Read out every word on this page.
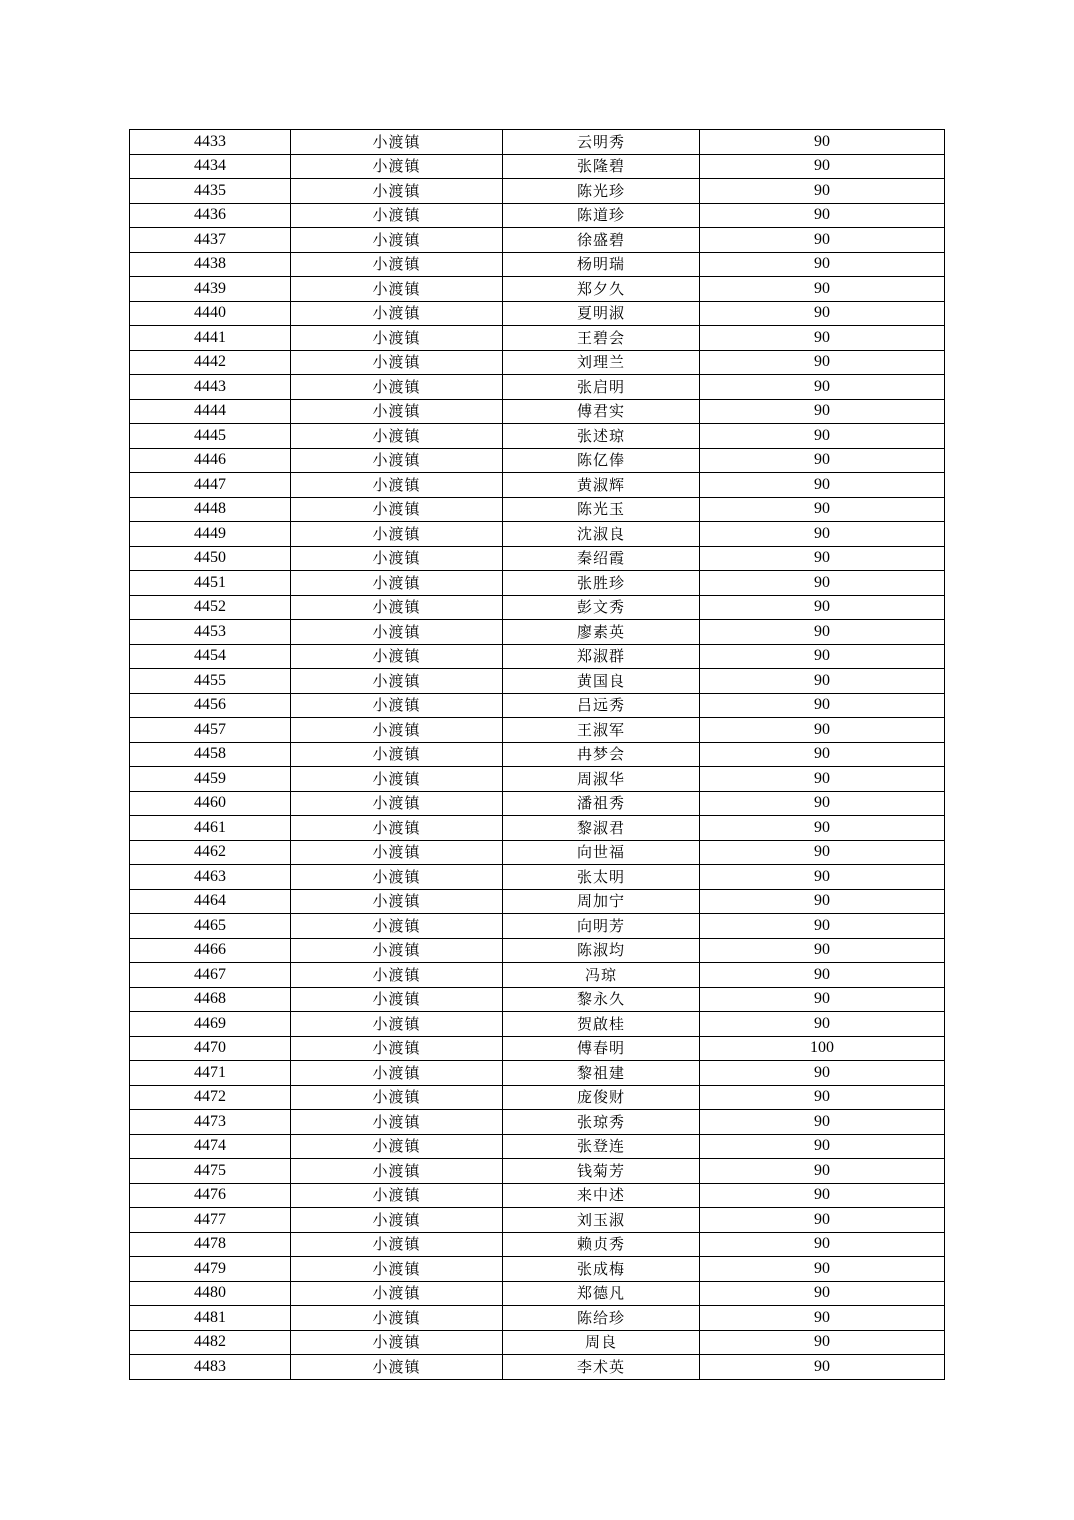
4433	小渡镇	云明秀	90
4434	小渡镇	张隆碧	90
4435	小渡镇	陈光珍	90
4436	小渡镇	陈道珍	90
4437	小渡镇	徐盛碧	90
4438	小渡镇	杨明瑞	90
4439	小渡镇	郑夕久	90
4440	小渡镇	夏明淑	90
4441	小渡镇	王碧会	90
4442	小渡镇	刘理兰	90
4443	小渡镇	张启明	90
4444	小渡镇	傅君实	90
4445	小渡镇	张述琼	90
4446	小渡镇	陈亿俸	90
4447	小渡镇	黄淑辉	90
4448	小渡镇	陈光玉	90
4449	小渡镇	沈淑良	90
4450	小渡镇	秦绍霞	90
4451	小渡镇	张胜珍	90
4452	小渡镇	彭文秀	90
4453	小渡镇	廖素英	90
4454	小渡镇	郑淑群	90
4455	小渡镇	黄国良	90
4456	小渡镇	吕远秀	90
4457	小渡镇	王淑军	90
4458	小渡镇	冉梦会	90
4459	小渡镇	周淑华	90
4460	小渡镇	潘祖秀	90
4461	小渡镇	黎淑君	90
4462	小渡镇	向世福	90
4463	小渡镇	张太明	90
4464	小渡镇	周加宁	90
4465	小渡镇	向明芳	90
4466	小渡镇	陈淑均	90
4467	小渡镇	冯琼	90
4468	小渡镇	黎永久	90
4469	小渡镇	贺啟桂	90
4470	小渡镇	傅春明	100
4471	小渡镇	黎祖建	90
4472	小渡镇	庞俊财	90
4473	小渡镇	张琼秀	90
4474	小渡镇	张登连	90
4475	小渡镇	钱菊芳	90
4476	小渡镇	来中述	90
4477	小渡镇	刘玉淑	90
4478	小渡镇	赖贞秀	90
4479	小渡镇	张成梅	90
4480	小渡镇	郑德凡	90
4481	小渡镇	陈给珍	90
4482	小渡镇	周良	90
4483	小渡镇	李术英	90
